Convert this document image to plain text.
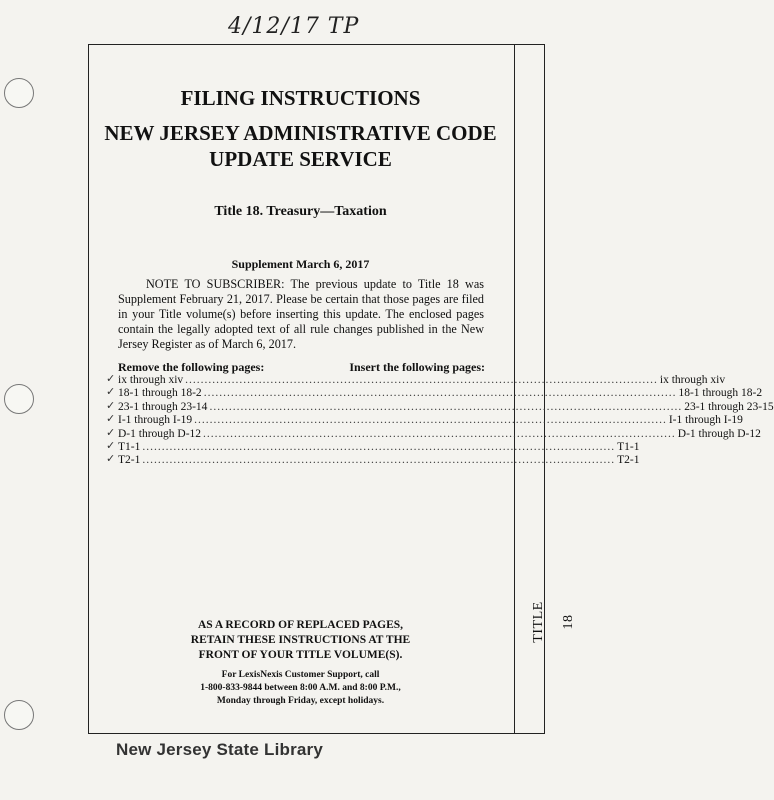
4/12/17 TP
TITLE 18
FILING INSTRUCTIONS
NEW JERSEY ADMINISTRATIVE CODE
UPDATE SERVICE
Title 18. Treasury—Taxation
Supplement March 6, 2017

NOTE TO SUBSCRIBER: The previous update to Title 18 was Supplement February 21, 2017. Please be certain that those pages are filed in your Title volume(s) before inserting this update. The enclosed pages contain the legally adopted text of all rule changes published in the New Jersey Register as of March 6, 2017.

Remove the following pages:	Insert the following pages:
✓ ix through xiv .......................................................................................................................... ix through xiv
✓ 18-1 through 18-2 .......................................................................................................................... 18-1 through 18-2
✓ 23-1 through 23-14 .......................................................................................................................... 23-1 through 23-15
✓ I-1 through I-19 .......................................................................................................................... I-1 through I-19
✓ D-1 through D-12 .......................................................................................................................... D-1 through D-12
✓ T1-1 .......................................................................................................................... T1-1
✓ T2-1 .......................................................................................................................... T2-1
AS A RECORD OF REPLACED PAGES,
RETAIN THESE INSTRUCTIONS AT THE
FRONT OF YOUR TITLE VOLUME(S).
For LexisNexis Customer Support, call
1-800-833-9844 between 8:00 A.M. and 8:00 P.M.,
Monday through Friday, except holidays.
New Jersey State Library
